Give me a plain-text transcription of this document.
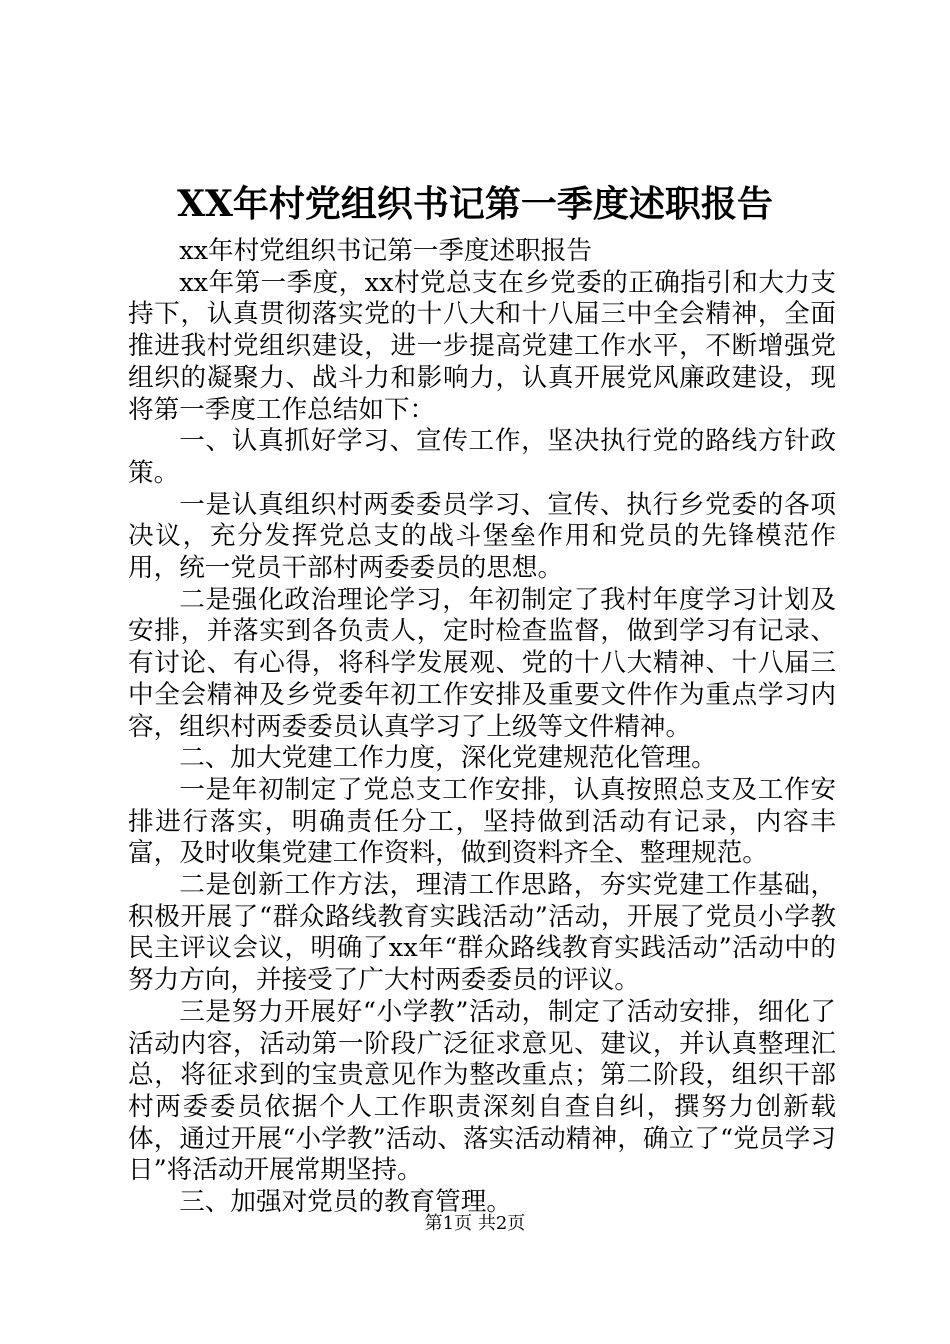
XX年村党组织书记第一季度述职报告

xx年村党组织书记第一季度述职报告

xx年第一季度，xx村党总支在乡党委的正确指引和大力支持下，认真贯彻落实党的十八大和十八届三中全会精神，全面推进我村党组织建设，进一步提高党建工作水平，不断增强党组织的凝聚力、战斗力和影响力，认真开展党风廉政建设，现将第一季度工作总结如下：

一、认真抓好学习、宣传工作，坚决执行党的路线方针政策。

一是认真组织村两委委员学习、宣传、执行乡党委的各项决议，充分发挥党总支的战斗堡垒作用和党员的先锋模范作用，统一党员干部村两委委员的思想。

二是强化政治理论学习，年初制定了我村年度学习计划及安排，并落实到各负责人，定时检查监督，做到学习有记录、有讨论、有心得，将科学发展观、党的十八大精神、十八届三中全会精神及乡党委年初工作安排及重要文件作为重点学习内容，组织村两委委员认真学习了上级等文件精神。

二、加大党建工作力度，深化党建规范化管理。

一是年初制定了党总支工作安排，认真按照总支及工作安排进行落实，明确责任分工，坚持做到活动有记录，内容丰富，及时收集党建工作资料，做到资料齐全、整理规范。

二是创新工作方法，理清工作思路，夯实党建工作基础，积极开展了“群众路线教育实践活动”活动，开展了党员小学教民主评议会议，明确了xx年“群众路线教育实践活动”活动中的努力方向，并接受了广大村两委委员的评议。

三是努力开展好“小学教”活动，制定了活动安排，细化了活动内容，活动第一阶段广泛征求意见、建议，并认真整理汇总，将征求到的宝贵意见作为整改重点；第二阶段，组织干部村两委委员依据个人工作职责深刻自查自纠，撰努力创新载体，通过开展“小学教”活动、落实活动精神，确立了“党员学习日”将活动开展常期坚持。

三、加强对党员的教育管理。

第1页 共2页
